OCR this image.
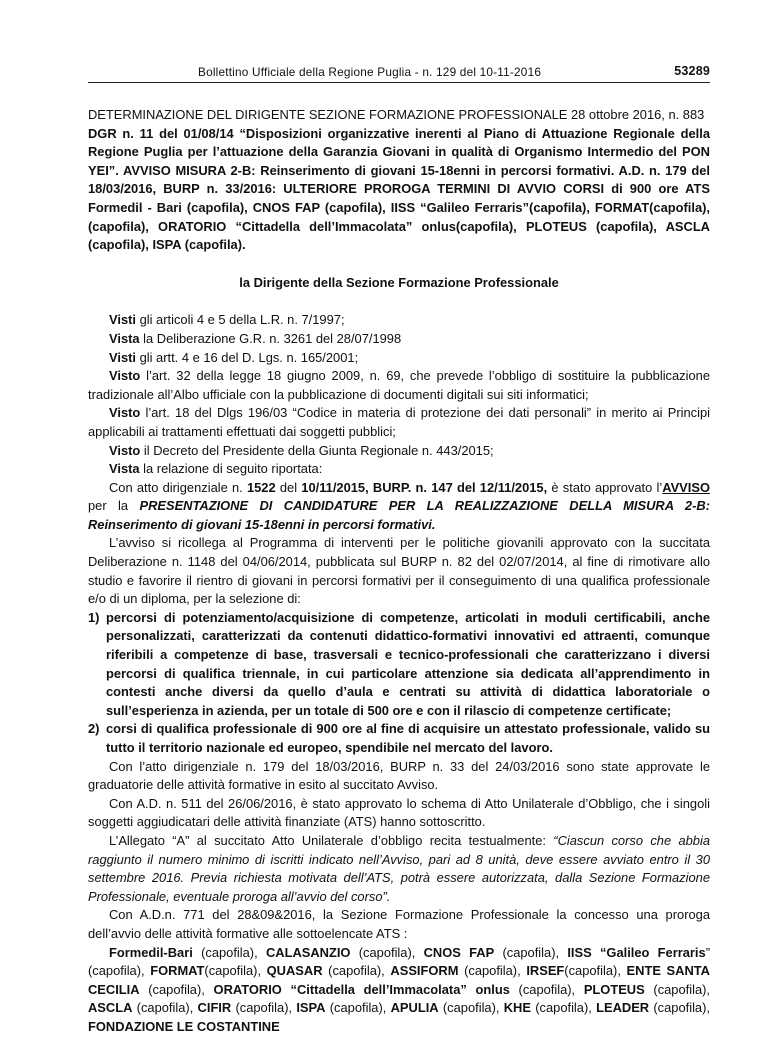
Bollettino Ufficiale della Regione Puglia - n. 129 del 10-11-2016	53289

DETERMINAZIONE DEL DIRIGENTE SEZIONE FORMAZIONE PROFESSIONALE 28 ottobre 2016, n. 883

DGR n. 11 del 01/08/14 “Disposizioni organizzative inerenti al Piano di Attuazione Regionale della Regione Puglia per l’attuazione della Garanzia Giovani in qualità di Organismo Intermedio del PON YEI”. AVVISO MISURA 2-B: Reinserimento di giovani 15-18enni in percorsi formativi. A.D. n. 179 del 18/03/2016, BURP n. 33/2016: ULTERIORE PROROGA TERMINI DI AVVIO CORSI di 900 ore ATS Formedil - Bari (capofila), CNOS FAP (capofila), IISS “Galileo Ferraris”(capofila), FORMAT(capofila), (capofila), ORATORIO “Cittadella dell’Immacolata” onlus(capofila), PLOTEUS (capofila), ASCLA (capofila), ISPA (capofila).

la Dirigente della Sezione Formazione Professionale

Visti gli articoli 4 e 5 della L.R. n. 7/1997;

Vista la Deliberazione G.R. n. 3261 del 28/07/1998

Visti gli artt. 4 e 16 del D. Lgs. n. 165/2001;

Visto l’art. 32 della legge 18 giugno 2009, n. 69, che prevede l’obbligo di sostituire la pubblicazione tradizionale all’Albo ufficiale con la pubblicazione di documenti digitali sui siti informatici;

Visto l’art. 18 del Dlgs 196/03 “Codice in materia di protezione dei dati personali” in merito ai Principi applicabili ai trattamenti effettuati dai soggetti pubblici;

Visto il Decreto del Presidente della Giunta Regionale n. 443/2015;

Vista la relazione di seguito riportata:

Con atto dirigenziale n. 1522 del 10/11/2015, BURP. n. 147 del 12/11/2015, è stato approvato l’AVVISO per la PRESENTAZIONE DI CANDIDATURE PER LA REALIZZAZIONE DELLA MISURA 2-B: Reinserimento di giovani 15-18enni in percorsi formativi.

L’avviso si ricollega al Programma di interventi per le politiche giovanili approvato con la succitata Deliberazione n. 1148 del 04/06/2014, pubblicata sul BURP n. 82 del 02/07/2014, al fine di rimotivare allo studio e favorire il rientro di giovani in percorsi formativi per il conseguimento di una qualifica professionale e/o di un diploma, per la selezione di:

1) percorsi di potenziamento/acquisizione di competenze, articolati in moduli certificabili, anche personalizzati, caratterizzati da contenuti didattico-formativi innovativi ed attraenti, comunque riferibili a competenze di base, trasversali e tecnico-professionali che caratterizzano i diversi percorsi di qualifica triennale, in cui particolare attenzione sia dedicata all’apprendimento in contesti anche diversi da quello d’aula e centrati su attività di didattica laboratoriale o sull’esperienza in azienda, per un totale di 500 ore e con il rilascio di competenze certificate;
2) corsi di qualifica professionale di 900 ore al fine di acquisire un attestato professionale, valido su tutto il territorio nazionale ed europeo, spendibile nel mercato del lavoro.

Con l’atto dirigenziale n. 179 del 18/03/2016, BURP n. 33 del 24/03/2016 sono state approvate le graduatorie delle attività formative in esito al succitato Avviso.

Con A.D. n. 511 del 26/06/2016, è stato approvato lo schema di Atto Unilaterale d’Obbligo, che i singoli soggetti aggiudicatari delle attività finanziate (ATS) hanno sottoscritto.

L’Allegato “A” al succitato Atto Unilaterale d’obbligo recita testualmente: “Ciascun corso che abbia raggiunto il numero minimo di iscritti indicato nell’Avviso, pari ad 8 unità, deve essere avviato entro il 30 settembre 2016. Previa richiesta motivata dell’ATS, potrà essere autorizzata, dalla Sezione Formazione Professionale, eventuale proroga all’avvio del corso”.

Con A.D.n. 771 del 28&09&2016, la Sezione Formazione Professionale la concesso una proroga dell’avvio delle attività formative alle sottoelencate ATS :

Formedil-Bari (capofila), CALASANZIO (capofila), CNOS FAP (capofila), IISS “Galileo Ferraris” (capofila), FORMAT(capofila), QUASAR (capofila), ASSIFORM (capofila), IRSEF(capofila), ENTE SANTA CECILIA (capofila), ORATORIO “Cittadella dell’Immacolata” onlus (capofila), PLOTEUS (capofila), ASCLA (capofila), CIFIR (capofila), ISPA (capofila), APULIA (capofila), KHE (capofila), LEADER (capofila), FONDAZIONE LE COSTANTINE
